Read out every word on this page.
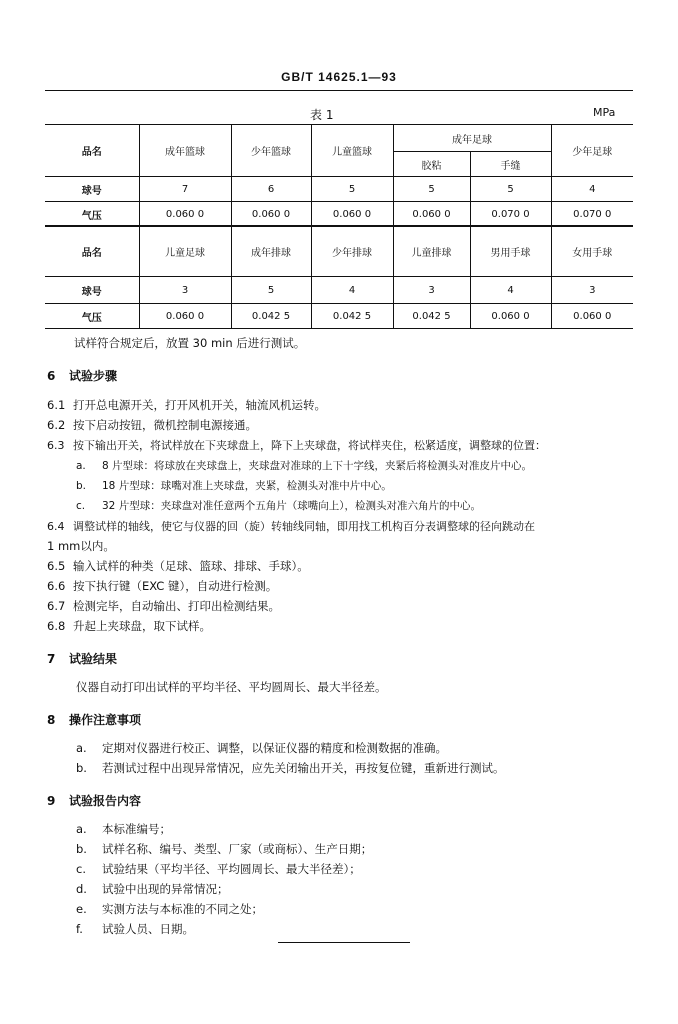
GB/T 14625.1—93
表 1	MPa
品名	成年篮球	少年篮球	儿童篮球	成年足球		少年足球
				胶粘	手缝	
球号	7	6	5	5	5	4
气压	0.060 0	0.060 0	0.060 0	0.060 0	0.070 0	0.070 0
品名	儿童足球	成年排球	少年排球	儿童排球	男用手球	女用手球
球号	3	5	4	3	4	3
气压	0.060 0	0.042 5	0.042 5	0.042 5	0.060 0	0.060 0
试样符合规定后，放置 30 min 后进行测试。
6 试验步骤
6.1 打开总电源开关，打开风机开关，轴流风机运转。
6.2 按下启动按钮，微机控制电源接通。
6.3 按下输出开关，将试样放在下夹球盘上，降下上夹球盘，将试样夹住，松紧适度，调整球的位置：
a. 8 片型球：将球放在夹球盘上，夹球盘对准球的上下十字线，夹紧后将检测头对准皮片中心。
b. 18 片型球：球嘴对准上夹球盘，夹紧，检测头对准中片中心。
c. 32 片型球：夹球盘对准任意两个五角片（球嘴向上），检测头对准六角片的中心。
6.4 调整试样的轴线，使它与仪器的回（旋）转轴线同轴，即用找工机构百分表调整球的径向跳动在
1 mm以内。
6.5 输入试样的种类（足球、篮球、排球、手球）。
6.6 按下执行键（EXC 键），自动进行检测。
6.7 检测完毕，自动输出、打印出检测结果。
6.8 升起上夹球盘，取下试样。
7 试验结果
仪器自动打印出试样的平均半径、平均圆周长、最大半径差。
8 操作注意事项
a. 定期对仪器进行校正、调整，以保证仪器的精度和检测数据的准确。
b. 若测试过程中出现异常情况，应先关闭输出开关，再按复位键，重新进行测试。
9 试验报告内容
a. 本标准编号；
b. 试样名称、编号、类型、厂家（或商标）、生产日期；
c. 试验结果（平均半径、平均圆周长、最大半径差）；
d. 试验中出现的异常情况；
e. 实测方法与本标准的不同之处；
f. 试验人员、日期。
